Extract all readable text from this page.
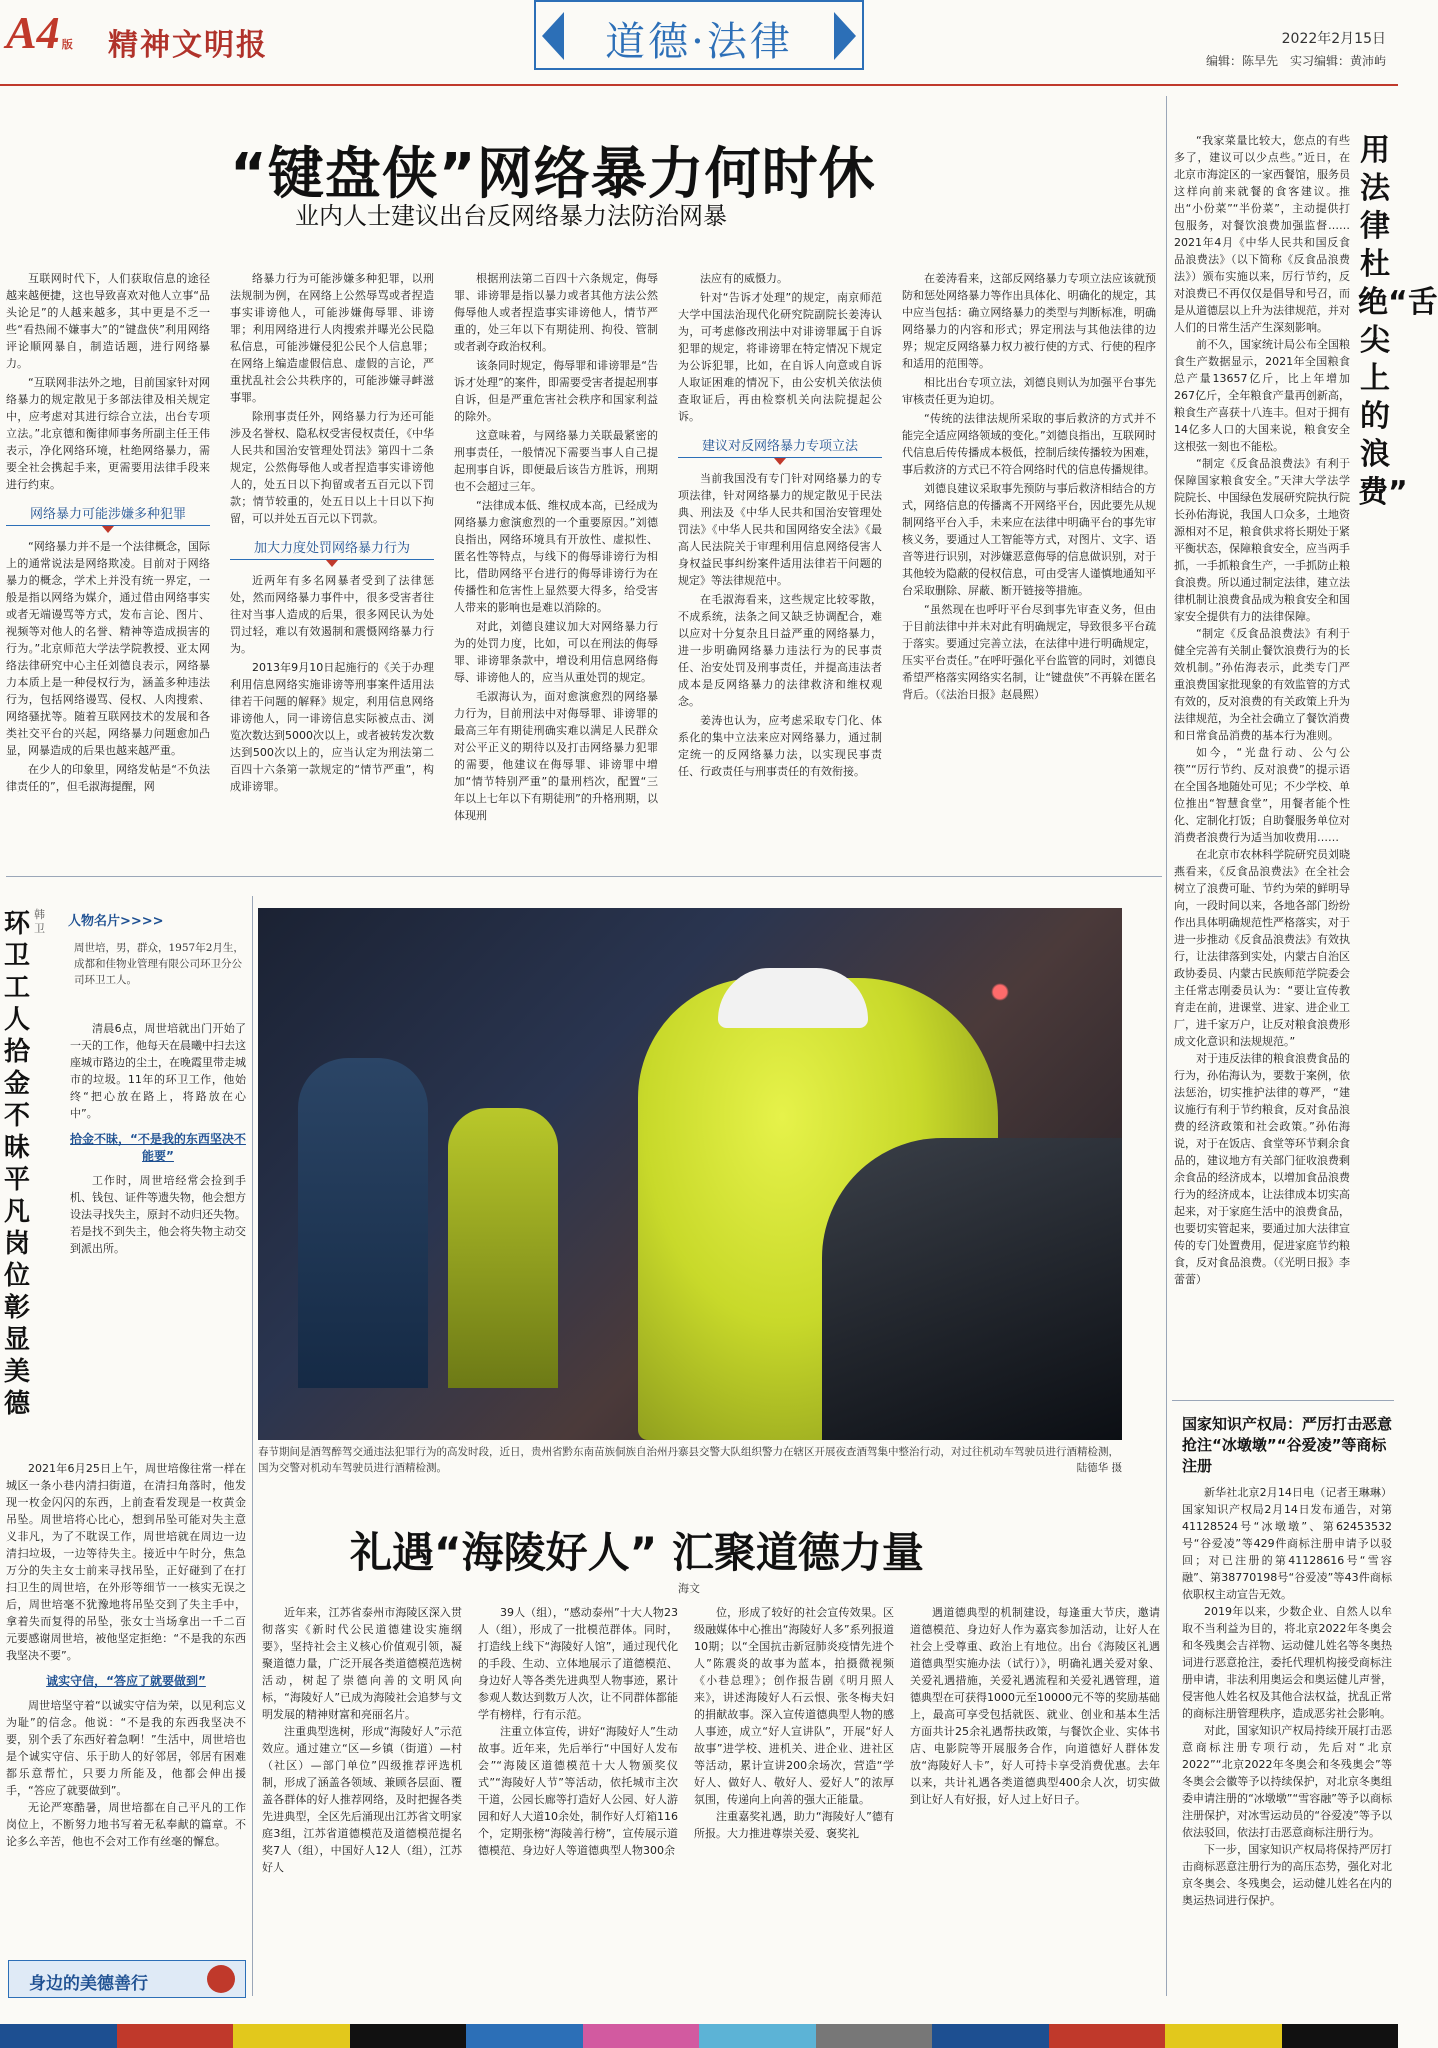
A4 版 精神文明报	道德·法律	2022年2月15日
编辑：陈旱先　实习编辑：黄沛屿
“键盘侠”网络暴力何时休
业内人士建议出台反网络暴力法防治网暴

互联网时代下，人们获取信息的途径越来越便捷，这也导致喜欢对他人立事“品头论足”的人越来越多，其中更是不乏一些“看热闹不嫌事大”的“键盘侠”利用网络评论顺网暴自，制造话题，进行网络暴力。

“互联网非法外之地，目前国家针对网络暴力的规定散见于多部法律及相关规定中，应考虑对其进行综合立法，出台专项立法。”北京德和衡律师事务所副主任王伟表示，净化网络环境，杜绝网络暴力，需要全社会携起手来，更需要用法律手段来进行约束。

网络暴力可能涉嫌多种犯罪

“网络暴力并不是一个法律概念，国际上的通常说法是网络欺凌。目前对于网络暴力的概念，学术上并没有统一界定，一般是指以网络为媒介，通过借由网络事实或者无端谩骂等方式，发布言论、图片、视频等对他人的名誉、精神等造成损害的行为。”北京师范大学法学院教授、亚太网络法律研究中心主任刘德良表示，网络暴力本质上是一种侵权行为，涵盖多种违法行为，包括网络谩骂、侵权、人肉搜索、网络骚扰等。随着互联网技术的发展和各类社交平台的兴起，网络暴力问题愈加凸显，网暴造成的后果也越来越严重。

在少人的印象里，网络发帖是“不负法律责任的”，但毛淑海提醒，网

络暴力行为可能涉嫌多种犯罪，以刑法规制为例，在网络上公然辱骂或者捏造事实诽谤他人，可能涉嫌侮辱罪、诽谤罪；利用网络进行人肉搜索并曝光公民隐私信息，可能涉嫌侵犯公民个人信息罪；在网络上编造虚假信息、虚假的言论，严重扰乱社会公共秩序的，可能涉嫌寻衅滋事罪。

除刑事责任外，网络暴力行为还可能涉及名誉权、隐私权受害侵权责任，《中华人民共和国治安管理处罚法》第四十二条规定，公然侮辱他人或者捏造事实诽谤他人的，处五日以下拘留或者五百元以下罚款；情节较重的，处五日以上十日以下拘留，可以并处五百元以下罚款。

加大力度处罚网络暴力行为

近两年有多名网暴者受到了法律惩处，然而网络暴力事件中，很多受害者往往对当事人造成的后果，很多网民认为处罚过轻，难以有效遏制和震慑网络暴力行为。

2013年9月10日起施行的《关于办理利用信息网络实施诽谤等刑事案件适用法律若干问题的解释》规定，利用信息网络诽谤他人，同一诽谤信息实际被点击、浏览次数达到5000次以上，或者被转发次数达到500次以上的，应当认定为刑法第二百四十六条第一款规定的“情节严重”，构成诽谤罪。

根据刑法第二百四十六条规定，侮辱罪、诽谤罪是指以暴力或者其他方法公然侮辱他人或者捏造事实诽谤他人，情节严重的，处三年以下有期徒刑、拘役、管制或者剥夺政治权利。

该条同时规定，侮辱罪和诽谤罪是“告诉才处理”的案件，即需要受害者提起刑事自诉，但是严重危害社会秩序和国家利益的除外。

这意味着，与网络暴力关联最紧密的刑事责任，一般情况下需要当事人自己提起刑事自诉，即便最后该告方胜诉，刑期也不会超过三年。

“法律成本低、维权成本高，已经成为网络暴力愈演愈烈的一个重要原因。”刘德良指出，网络环境具有开放性、虚拟性、匿名性等特点，与线下的侮辱诽谤行为相比，借助网络平台进行的侮辱诽谤行为在传播性和危害性上显然要大得多，给受害人带来的影响也是难以消除的。

对此，刘德良建议加大对网络暴力行为的处罚力度，比如，可以在刑法的侮辱罪、诽谤罪条款中，增设利用信息网络侮辱、诽谤他人的，应当从重处罚的规定。

毛淑海认为，面对愈演愈烈的网络暴力行为，目前刑法中对侮辱罪、诽谤罪的最高三年有期徒刑确实难以满足人民群众对公平正义的期待以及打击网络暴力犯罪的需要，他建议在侮辱罪、诽谤罪中增加“情节特别严重”的量刑档次，配置“三年以上七年以下有期徒刑”的升格刑期，以体现刑

法应有的威慑力。

针对“告诉才处理”的规定，南京师范大学中国法治现代化研究院副院长姜涛认为，可考虑修改刑法中对诽谤罪属于自诉犯罪的规定，将诽谤罪在特定情况下规定为公诉犯罪，比如，在自诉人向意或自诉人取证困难的情况下，由公安机关依法侦查取证后，再由检察机关向法院提起公诉。

建议对反网络暴力专项立法

当前我国没有专门针对网络暴力的专项法律，针对网络暴力的规定散见于民法典、刑法及《中华人民共和国治安管理处罚法》《中华人民共和国网络安全法》《最高人民法院关于审理利用信息网络侵害人身权益民事纠纷案件适用法律若干问题的规定》等法律规范中。

在毛淑海看来，这些规定比较零散，不成系统，法条之间又缺乏协调配合，难以应对十分复杂且日益严重的网络暴力，进一步明确网络暴力违法行为的民事责任、治安处罚及刑事责任，并提高违法者成本是反网络暴力的法律救济和维权观念。

姜涛也认为，应考虑采取专门化、体系化的集中立法来应对网络暴力，通过制定统一的反网络暴力法，以实现民事责任、行政责任与刑事责任的有效衔接。

在姜涛看来，这部反网络暴力专项立法应该就预防和惩处网络暴力等作出具体化、明确化的规定，其中应当包括：确立网络暴力的类型与判断标准，明确网络暴力的内容和形式；界定刑法与其他法律的边界；规定反网络暴力权力被行使的方式、行使的程序和适用的范围等。

相比出台专项立法，刘德良则认为加强平台事先审核责任更为迫切。

“传统的法律法规所采取的事后救济的方式并不能完全适应网络领域的变化。”刘德良指出，互联网时代信息后传传播成本极低，控制后续传播较为困难，事后救济的方式已不符合网络时代的信息传播规律。

刘德良建议采取事先预防与事后救济相结合的方式，网络信息的传播离不开网络平台，因此要先从规制网络平台入手，未来应在法律中明确平台的事先审核义务，要通过人工智能等方式，对图片、文字、语音等进行识别，对涉嫌恶意侮辱的信息做识别，对于其他较为隐蔽的侵权信息，可由受害人谨慎地通知平台采取删除、屏蔽、断开链接等措施。

“虽然现在也呼吁平台尽到事先审查义务，但由于目前法律中并未对此有明确规定，导致很多平台疏于落实。要通过完善立法，在法律中进行明确规定，压实平台责任。”在呼吁强化平台监管的同时，刘德良希望严格落实网络实名制，让“键盘侠”不再躲在匿名背后。（《法治日报》赵晨熙）

用法律杜绝“舌尖上的浪费”

“我家菜量比较大，您点的有些多了，建议可以少点些。”近日，在北京市海淀区的一家西餐馆，服务员这样向前来就餐的食客建议。推出“小份菜”“半份菜”，主动提供打包服务，对餐饮浪费加强监督……2021年4月《中华人民共和国反食品浪费法》（以下简称《反食品浪费法》）颁布实施以来，厉行节约，反对浪费已不再仅仅是倡导和号召，而是从道德层以上升为法律规范，并对人们的日常生活产生深刻影响。

前不久，国家统计局公布全国粮食生产数据显示，2021年全国粮食总产量13657亿斤，比上年增加267亿斤，全年粮食产量再创新高，粮食生产喜获十八连丰。但对于拥有14亿多人口的大国来说，粮食安全这根弦一刻也不能松。

“制定《反食品浪费法》有利于保障国家粮食安全。”天津大学法学院院长、中国绿色发展研究院执行院长孙佑海说，我国人口众多，土地资源相对不足，粮食供求将长期处于紧平衡状态，保障粮食安全，应当两手抓，一手抓粮食生产，一手抓防止粮食浪费。所以通过制定法律，建立法律机制让浪费食品成为粮食安全和国家安全提供有力的法律保障。

“制定《反食品浪费法》有利于健全完善有关制止餐饮浪费行为的长效机制。”孙佑海表示，此类专门严重浪费国家批现象的有效监管的方式有效的，反对浪费的有关政策上升为法律规范，为全社会确立了餐饮消费和日常食品消费的基本行为准则。

如今，“光盘行动、公勺公筷”“厉行节约、反对浪费”的提示语在全国各地随处可见；不少学校、单位推出“智慧食堂”，用餐者能个性化、定制化打饭；自助餐服务单位对消费者浪费行为适当加收费用……

在北京市农林科学院研究员刘晓燕看来，《反食品浪费法》在全社会树立了浪费可耻、节约为荣的鲜明导向，一段时间以来，各地各部门纷纷作出具体明确规范性严格落实，对于进一步推动《反食品浪费法》有效执行，让法律落到实处，内蒙古自治区政协委员、内蒙古民族师范学院委会主任常志刚委员认为：“要让宣传教育走在前，进课堂、进家、进企业工厂，进千家万户，让反对粮食浪费形成文化意识和法规规范。”

对于违反法律的粮食浪费食品的行为，孙佑海认为，要数于案例，依法惩治，切实推护法律的尊严，“建议施行有利于节约粮食，反对食品浪费的经济政策和社会政策。”孙佑海说，对于在饭店、食堂等环节剩余食品的，建议地方有关部门征收浪费剩余食品的经济成本，以增加食品浪费行为的经济成本，让法律成本切实高起来，对于家庭生活中的浪费食品，也要切实管起来，要通过加大法律宣传的专门处置费用，促进家庭节约粮食，反对食品浪费。（《光明日报》李蕾蕾）

国家知识产权局：严厉打击恶意抢注“冰墩墩”“谷爱凌”等商标注册

新华社北京2月14日电（记者王琳琳）国家知识产权局2月14日发布通告，对第41128524号“冰墩墩”、第62453532号“谷爱凌”等429件商标注册申请予以驳回；对已注册的第41128616号“雪容融”、第38770198号“谷爱凌”等43件商标依职权主动宣告无效。

2019年以来，少数企业、自然人以牟取不当利益为目的，将北京2022年冬奥会和冬残奥会吉祥物、运动健儿姓名等冬奥热词进行恶意抢注，委托代理机构接受商标注册申请，非法利用奥运会和奥运健儿声誉，侵害他人姓名权及其他合法权益，扰乱正常的商标注册管理秩序，造成恶劣社会影响。

对此，国家知识产权局持续开展打击恶意商标注册专项行动，先后对“北京2022”“北京2022年冬奥会和冬残奥会”等冬奥会会徽等予以持续保护，对北京冬奥组委申请注册的“冰墩墩”“雪容融”等予以商标注册保护，对冰雪运动员的“谷爱凌”等予以依法驳回，依法打击恶意商标注册行为。

下一步，国家知识产权局将保持严厉打击商标恶意注册行为的高压态势，强化对北京冬奥会、冬残奥会，运动健儿姓名在内的奥运热词进行保护。

环卫工人拾金不昧 平凡岗位彰显美德
韩卫 人物名片>>>>
周世培，男，群众，1957年2月生，成都和佳物业管理有限公司环卫分公司环卫工人。

清晨6点，周世培就出门开始了一天的工作，他每天在晨曦中扫去这座城市路边的尘土，在晚霞里带走城市的垃圾。11年的环卫工作，他始终“把心放在路上，将路放在心中”。

拾金不昧，“不是我的东西坚决不能要”

工作时，周世培经常会捡到手机、钱包、证件等遗失物，他会想方设法寻找失主，原封不动归还失物。若是找不到失主，他会将失物主动交到派出所。

2021年6月25日上午，周世培像往常一样在城区一条小巷内清扫街道，在清扫角落时，他发现一枚金闪闪的东西，上前查看发现是一枚黄金吊坠。周世培将心比心，想到吊坠可能对失主意义非凡，为了不耽误工作，周世培就在周边一边清扫垃圾，一边等待失主。接近中午时分，焦急万分的失主女士前来寻找吊坠，正好碰到了在打扫卫生的周世培，在外形等细节一一核实无误之后，周世培毫不犹豫地将吊坠交到了失主手中，拿着失而复得的吊坠，张女士当场拿出一千二百元要感谢周世培，被他坚定拒绝：“不是我的东西我坚决不要”。

诚实守信，“答应了就要做到”

周世培坚守着“以诚实守信为荣，以见利忘义为耻”的信念。他说：“不是我的东西我坚决不要，别个丢了东西好着急啊！”生活中，周世培也是个诚实守信、乐于助人的好邻居，邻居有困难都乐意帮忙，只要力所能及，他都会伸出援手，“答应了就要做到”。

无论严寒酷暑，周世培都在自己平凡的工作岗位上，不断努力地书写着无私奉献的篇章。不论多么辛苦，他也不会对工作有丝毫的懈怠。

身边的美德善行
春节期间是酒驾醉驾交通违法犯罪行为的高发时段，近日，贵州省黔东南苗族侗族自治州丹寨县交警大队组织警力在辖区开展夜查酒驾集中整治行动，对过往机动车驾驶员进行酒精检测，国为交警对机动车驾驶员进行酒精检测。	陆德华 摄
礼遇“海陵好人” 汇聚道德力量
海文

近年来，江苏省泰州市海陵区深入贯彻落实《新时代公民道德建设实施纲要》，坚持社会主义核心价值观引领，凝聚道德力量，广泛开展各类道德模范选树活动，树起了崇德向善的文明风向标，“海陵好人”已成为海陵社会追梦与文明发展的精神财富和亮丽名片。

注重典型选树，形成“海陵好人”示范效应。通过建立“区—乡镇（街道）—村（社区）—部门单位”四级推荐评选机制，形成了涵盖各领域、兼顾各层面、覆盖各群体的好人推荐网络，及时把握各类先进典型，全区先后涌现出江苏省文明家庭3组，江苏省道德模范及道德模范提名奖7人（组），中国好人12人（组），江苏好人

39人（组），“感动泰州”十大人物23人（组），形成了一批模范群体。同时，打造线上线下“海陵好人馆”，通过现代化的手段、生动、立体地展示了道德模范、身边好人等各类先进典型人物事迹，累计参观人数达到数万人次，让不同群体都能学有榜样，行有示范。

注重立体宣传，讲好“海陵好人”生动故事。近年来，先后举行“中国好人发布会”“海陵区道德模范十大人物颁奖仪式”“海陵好人节”等活动，依托城市主次干道，公园长廊等打造好人公园、好人游园和好人大道10余处，制作好人灯箱116个，定期张榜“海陵善行榜”，宣传展示道德模范、身边好人等道德典型人物300余

位，形成了较好的社会宣传效果。区级融媒体中心推出“海陵好人多”系列报道10期；以“全国抗击新冠肺炎疫情先进个人”陈震炎的故事为蓝本，拍摄微视频《小巷总理》；创作报告剧《明月照人来》，讲述海陵好人石云恨、张冬梅夫妇的捐献故事。深入宣传道德典型人物的感人事迹，成立“好人宣讲队”，开展“好人故事”进学校、进机关、进企业、进社区等活动，累计宣讲200余场次，营造“学好人、做好人、敬好人、爱好人”的浓厚氛围，传递向上向善的强大正能量。

注重嘉奖礼遇，助力“海陵好人”德有所报。大力推进尊崇关爱、褒奖礼

遇道德典型的机制建设，每逢重大节庆，邀请道德模范、身边好人作为嘉宾参加活动，让好人在社会上受尊重、政治上有地位。出台《海陵区礼遇道德典型实施办法（试行）》，明确礼遇关爱对象、关爱礼遇措施，关爱礼遇流程和关爱礼遇管理，道德典型在可获得1000元至10000元不等的奖励基础上，最高可享受包括就医、就业、创业和基本生活方面共计25余礼遇帮扶政策，与餐饮企业、实体书店、电影院等开展服务合作，向道德好人群体发放“海陵好人卡”，好人可持卡享受消费优惠。去年以来，共计礼遇各类道德典型400余人次，切实做到让好人有好报，好人过上好日子。
